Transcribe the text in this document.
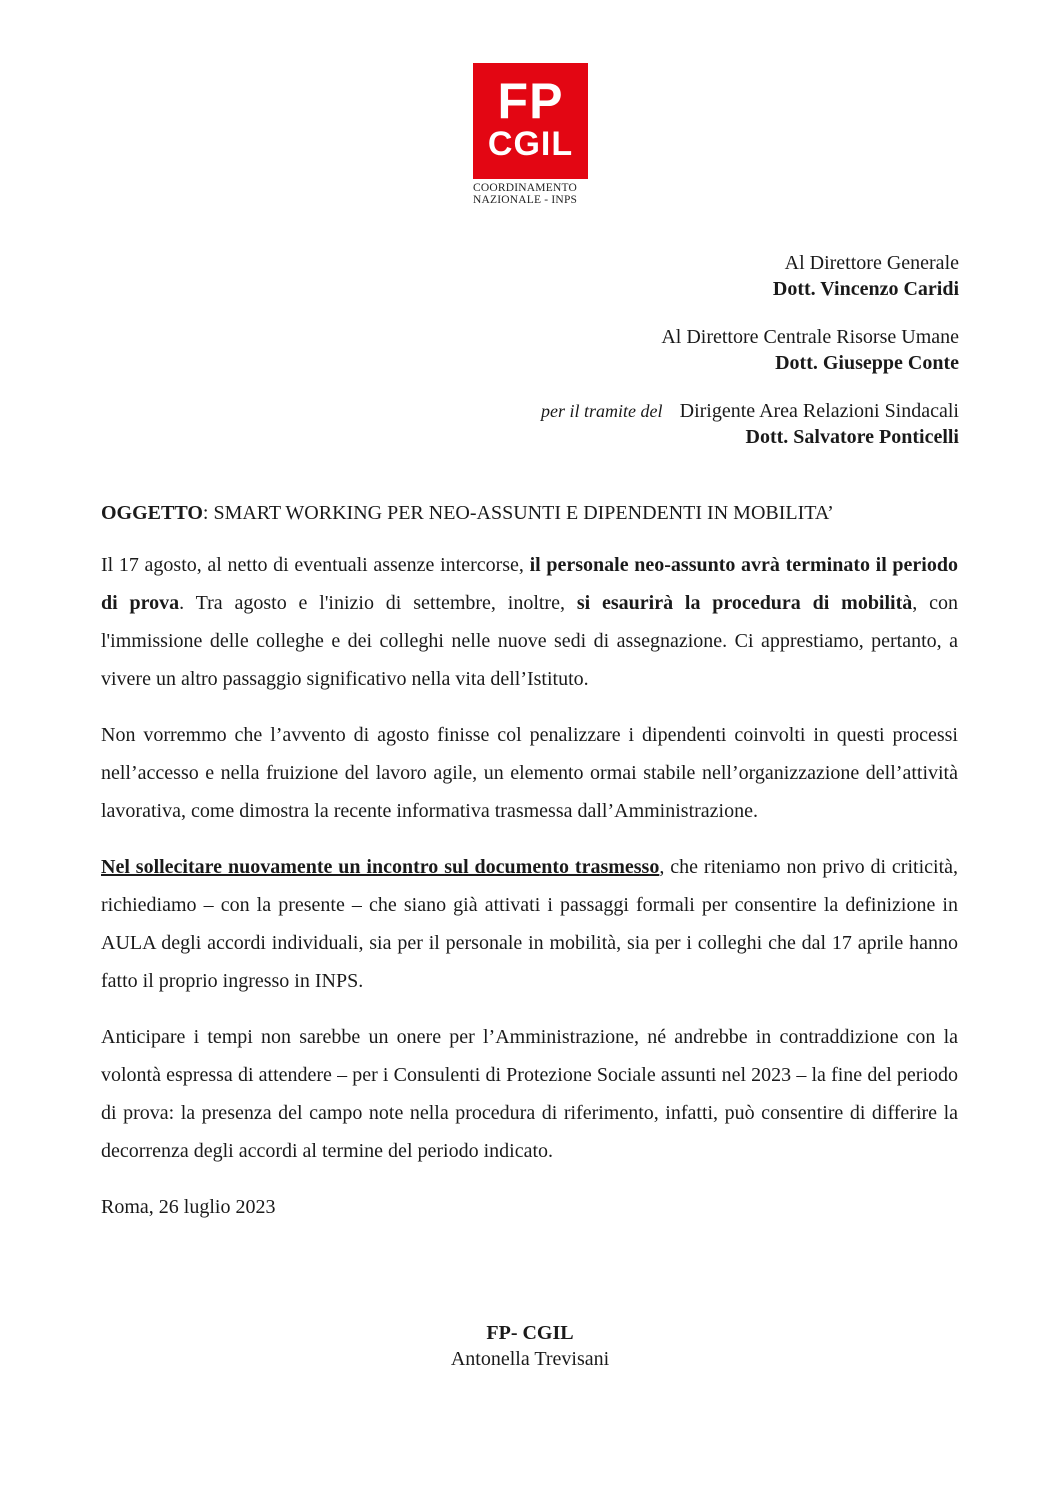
FP
CGIL
COORDINAMENTO
NAZIONALE - INPS
Al Direttore Generale
Dott. Vincenzo Caridi
Al Direttore Centrale Risorse Umane
Dott. Giuseppe Conte
per il tramite del Dirigente Area Relazioni Sindacali
Dott. Salvatore Ponticelli

OGGETTO: SMART WORKING PER NEO-ASSUNTI E DIPENDENTI IN MOBILITA’

Il 17 agosto, al netto di eventuali assenze intercorse, il personale neo-assunto avrà terminato il periodo di prova. Tra agosto e l'inizio di settembre, inoltre, si esaurirà la procedura di mobilità, con l'immissione delle colleghe e dei colleghi nelle nuove sedi di assegnazione. Ci apprestiamo, pertanto, a vivere un altro passaggio significativo nella vita dell’Istituto.

Non vorremmo che l’avvento di agosto finisse col penalizzare i dipendenti coinvolti in questi processi nell’accesso e nella fruizione del lavoro agile, un elemento ormai stabile nell’organizzazione dell’attività lavorativa, come dimostra la recente informativa trasmessa dall’Amministrazione.

Nel sollecitare nuovamente un incontro sul documento trasmesso, che riteniamo non privo di criticità, richiediamo – con la presente – che siano già attivati i passaggi formali per consentire la definizione in AULA degli accordi individuali, sia per il personale in mobilità, sia per i colleghi che dal 17 aprile hanno fatto il proprio ingresso in INPS.

Anticipare i tempi non sarebbe un onere per l’Amministrazione, né andrebbe in contraddizione con la volontà espressa di attendere – per i Consulenti di Protezione Sociale assunti nel 2023 – la fine del periodo di prova: la presenza del campo note nella procedura di riferimento, infatti, può consentire di differire la decorrenza degli accordi al termine del periodo indicato.

Roma, 26 luglio 2023

FP- CGIL
Antonella Trevisani
